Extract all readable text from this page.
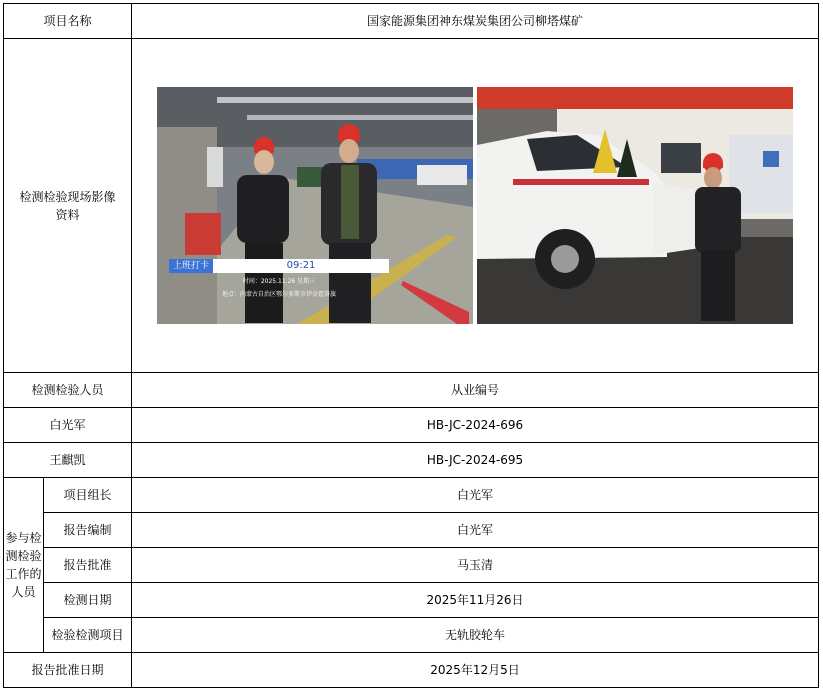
项目名称		国家能源集团神东煤炭集团公司柳塔煤矿
检测检验现场影像资料		上班打卡 09:21
时间：2025.11.26 星期三
地点：内蒙古自治区鄂尔多斯市伊金霍洛旗

检测检验人员		从业编号
白光军		HB-JC-2024-696
王麒凯		HB-JC-2024-695
参与检测检验工作的人员	项目组长	白光军
	报告编制	白光军
	报告批准	马玉清
	检测日期	2025年11月26日
	检验检测项目	无轨胶轮车
报告批准日期		2025年12月5日
